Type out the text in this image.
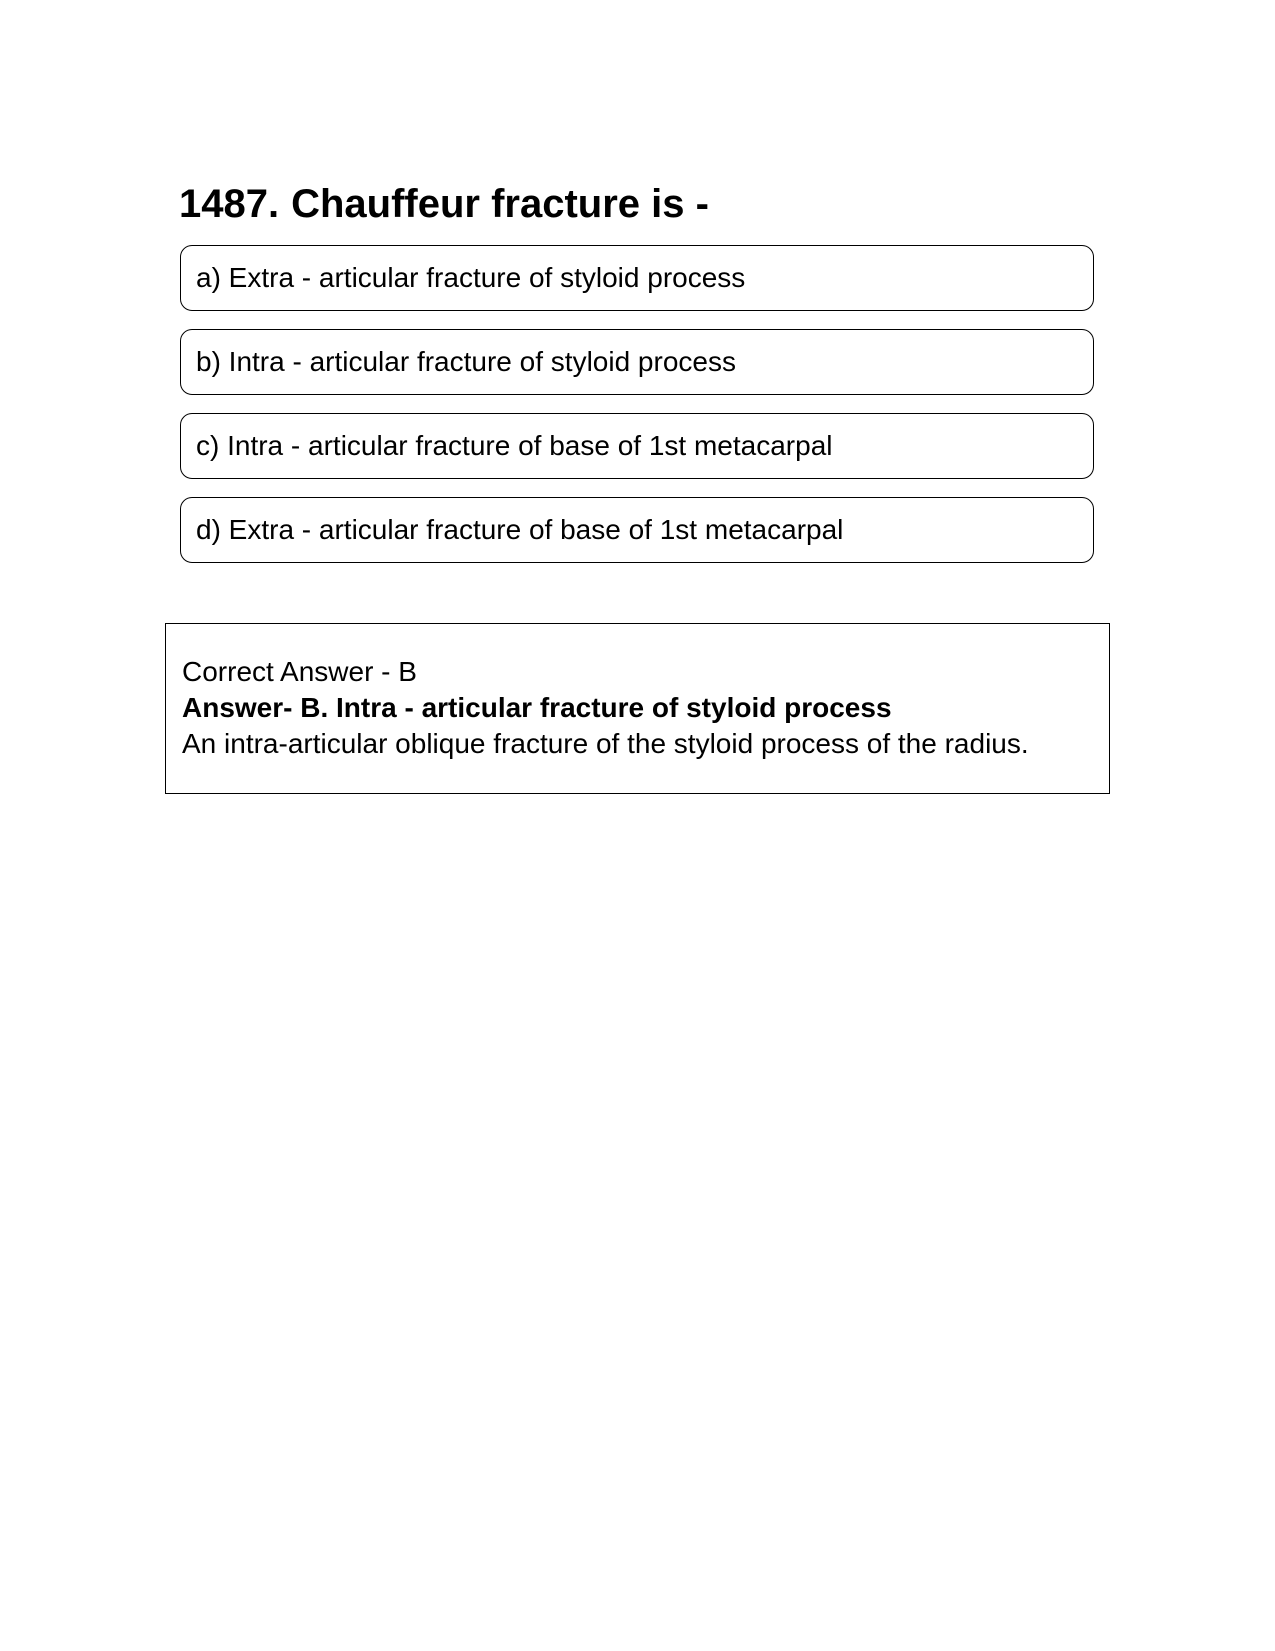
1487. Chauffeur fracture is -
a) Extra - articular fracture of styloid process
b) Intra - articular fracture of styloid process
c) Intra - articular fracture of base of 1st metacarpal
d) Extra - articular fracture of base of 1st metacarpal
Correct Answer - B
Answer- B. Intra - articular fracture of styloid process
An intra-articular oblique fracture of the styloid process of the radius.
